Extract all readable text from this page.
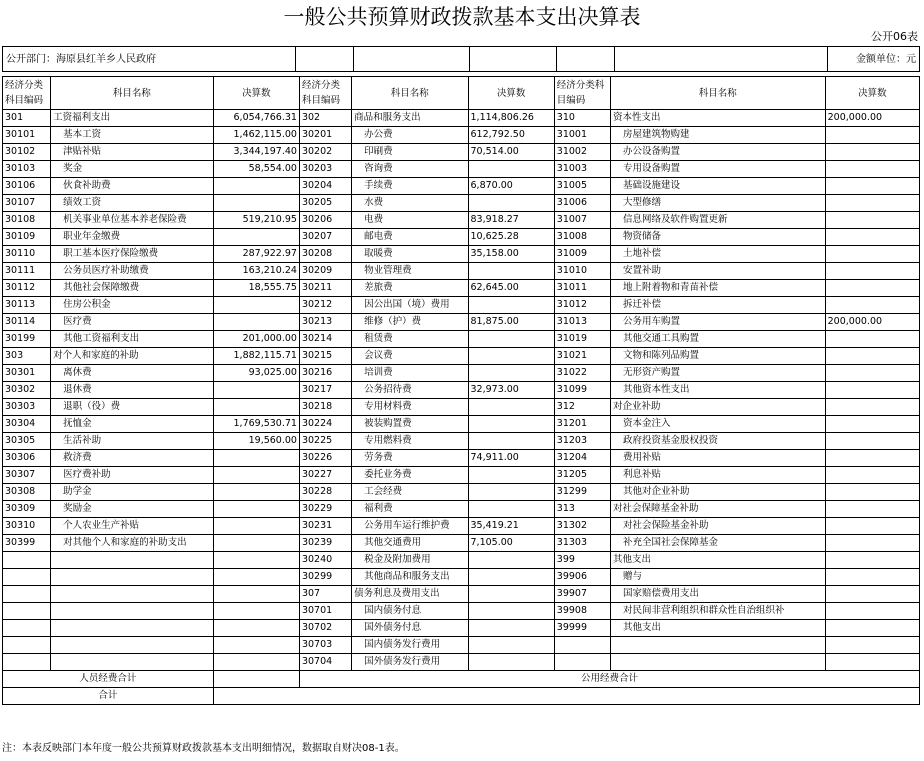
一般公共预算财政拨款基本支出决算表
公开06表
公开部门：海原县红羊乡人民政府	金额单位：元
经济分类科目编码	科目名称	决算数	经济分类科目编码	科目名称	决算数	经济分类科目编码	科目名称	决算数
301	工资福利支出	6,054,766.31	302	商品和服务支出	1,114,806.26	310	资本性支出	200,000.00
30101	基本工资	1,462,115.00	30201	办公费	612,792.50	31001	房屋建筑物购建	
30102	津贴补贴	3,344,197.40	30202	印刷费	70,514.00	31002	办公设备购置	
30103	奖金	58,554.00	30203	咨询费		31003	专用设备购置	
30106	伙食补助费		30204	手续费	6,870.00	31005	基础设施建设	
30107	绩效工资		30205	水费		31006	大型修缮	
30108	机关事业单位基本养老保险费	519,210.95	30206	电费	83,918.27	31007	信息网络及软件购置更新	
30109	职业年金缴费		30207	邮电费	10,625.28	31008	物资储备	
30110	职工基本医疗保险缴费	287,922.97	30208	取暖费	35,158.00	31009	土地补偿	
30111	公务员医疗补助缴费	163,210.24	30209	物业管理费		31010	安置补助	
30112	其他社会保障缴费	18,555.75	30211	差旅费	62,645.00	31011	地上附着物和青苗补偿	
30113	住房公积金		30212	因公出国（境）费用		31012	拆迁补偿	
30114	医疗费		30213	维修（护）费	81,875.00	31013	公务用车购置	200,000.00
30199	其他工资福利支出	201,000.00	30214	租赁费		31019	其他交通工具购置	
303	对个人和家庭的补助	1,882,115.71	30215	会议费		31021	文物和陈列品购置	
30301	离休费	93,025.00	30216	培训费		31022	无形资产购置	
30302	退休费		30217	公务招待费	32,973.00	31099	其他资本性支出	
30303	退职（役）费		30218	专用材料费		312	对企业补助	
30304	抚恤金	1,769,530.71	30224	被装购置费		31201	资本金注入	
30305	生活补助	19,560.00	30225	专用燃料费		31203	政府投资基金股权投资	
30306	救济费		30226	劳务费	74,911.00	31204	费用补贴	
30307	医疗费补助		30227	委托业务费		31205	利息补贴	
30308	助学金		30228	工会经费		31299	其他对企业补助	
30309	奖励金		30229	福利费		313	对社会保障基金补助	
30310	个人农业生产补贴		30231	公务用车运行维护费	35,419.21	31302	对社会保险基金补助	
30399	对其他个人和家庭的补助支出		30239	其他交通费用	7,105.00	31303	补充全国社会保障基金	
			30240	税金及附加费用		399	其他支出	
			30299	其他商品和服务支出		39906	赠与	
			307	债务利息及费用支出		39907	国家赔偿费用支出	
			30701	国内债务付息		39908	对民间非营利组织和群众性自治组织补	
			30702	国外债务付息		39999	其他支出	
			30703	国内债务发行费用				
			30704	国外债务发行费用				
人员经费合计			公用经费合计					
合计								
注：本表反映部门本年度一般公共预算财政拨款基本支出明细情况，数据取自财决08-1表。
